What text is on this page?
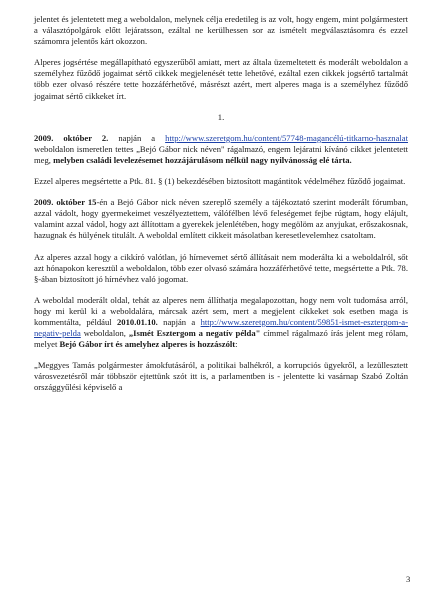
jelentet és jelentetett meg a weboldalon, melynek célja eredetileg is az volt, hogy engem, mint polgármestert a választópolgárok előtt lejáratsson, ezáltal ne kerülhessen sor az ismételt megválasztásomra és ezzel számomra jelentős kárt okozzon.

Alperes jogsértése megállapítható egyszerűből amiatt, mert az általa üzemeltetett és moderált weboldalon a személyhez fűződő jogaimat sértő cikkek megjelenését tette lehetővé, ezáltal ezen cikkek jogsértő tartalmát több ezer olvasó részére tette hozzáférhetővé, másrészt azért, mert alperes maga is a személyhez fűződő jogaimat sértő cikkeket írt.

1.

2009. október 2. napján a http://www.szeretgom.hu/content/57748-magancélú-titkarno-hasznalat weboldalon ismeretlen tettes „Bejó Gábor nick néven" rágalmazó, engem lejáratni kívánó cikket jelentetett meg, melyben családi levelezésemet hozzájárulásom nélkül nagy nyilvánosság elé tárta.

Ezzel alperes megsértette a Ptk. 81. § (1) bekezdésében biztosított magántitok védelméhez fűződő jogaimat.

2009. október 15-én a Bejó Gábor nick néven szereplő személy a tájékoztató szerint moderált fórumban, azzal vádolt, hogy gyermekeimet veszélyeztettem, válófélben lévő feleségemet fejbe rúgtam, hogy elájult, valamint azzal vádol, hogy azt állítottam a gyerekek jelenlétében, hogy megölöm az anyjukat, erőszakosnak, hazugnak és hülyének titulált. A weboldal említett cikkeit másolatban keresetlevelemhez csatoltam.

Az alperes azzal hogy a cikkíró valótlan, jó hírnevemet sértő állításait nem moderálta ki a weboldalról, sőt azt hónapokon keresztül a weboldalon, több ezer olvasó számára hozzáférhetővé tette, megsértette a Ptk. 78. §-ában biztosított jó hírnévhez való jogomat.

A weboldal moderált oldal, tehát az alperes nem állíthatja megalapozottan, hogy nem volt tudomása arról, hogy mi kerül ki a weboldalára, márcsak azért sem, mert a megjelent cikkeket sok esetben maga is kommentálta, például 2010.01.10. napján a http://www.szeretgom.hu/content/59851-ismet-esztergom-a-negativ-pelda weboldalon, „Ismét Esztergom a negatív példa" címmel rágalmazó írás jelent meg rólam, melyet Bejó Gábor írt és amelyhez alperes is hozzászólt:

„Meggyes Tamás polgármester ámokfutásáról, a politikai balhékról, a korrupciós ügyekről, a lezüllesztett városvezetésről már többször ejtettünk szót itt is, a parlamentben is - jelentette ki vasárnap Szabó Zoltán országgyűlési képviselő a

3
